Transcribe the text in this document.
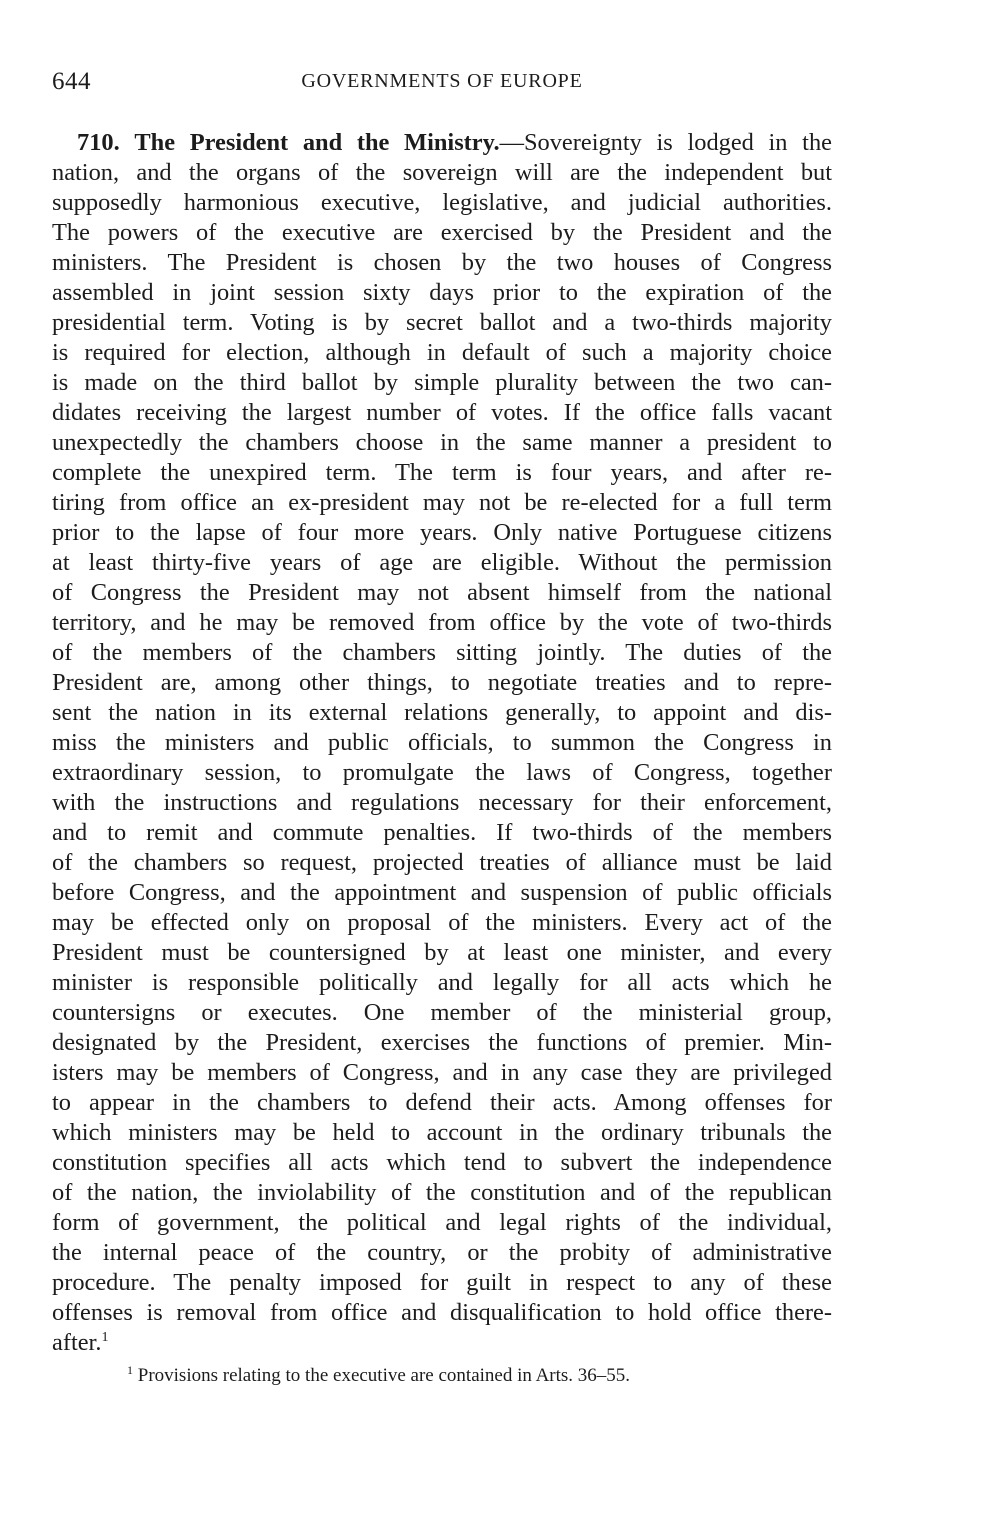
644	GOVERNMENTS OF EUROPE
710. The President and the Ministry.—Sovereignty is lodged in the
nation, and the organs of the sovereign will are the independent but
supposedly harmonious executive, legislative, and judicial authorities.
The powers of the executive are exercised by the President and the
ministers. The President is chosen by the two houses of Congress
assembled in joint session sixty days prior to the expiration of the
presidential term. Voting is by secret ballot and a two-thirds majority
is required for election, although in default of such a majority choice
is made on the third ballot by simple plurality between the two can-
didates receiving the largest number of votes. If the office falls vacant
unexpectedly the chambers choose in the same manner a president to
complete the unexpired term. The term is four years, and after re-
tiring from office an ex-president may not be re-elected for a full term
prior to the lapse of four more years. Only native Portuguese citizens
at least thirty-five years of age are eligible. Without the permission
of Congress the President may not absent himself from the national
territory, and he may be removed from office by the vote of two-thirds
of the members of the chambers sitting jointly. The duties of the
President are, among other things, to negotiate treaties and to repre-
sent the nation in its external relations generally, to appoint and dis-
miss the ministers and public officials, to summon the Congress in
extraordinary session, to promulgate the laws of Congress, together
with the instructions and regulations necessary for their enforcement,
and to remit and commute penalties. If two-thirds of the members
of the chambers so request, projected treaties of alliance must be laid
before Congress, and the appointment and suspension of public officials
may be effected only on proposal of the ministers. Every act of the
President must be countersigned by at least one minister, and every
minister is responsible politically and legally for all acts which he
countersigns or executes. One member of the ministerial group,
designated by the President, exercises the functions of premier. Min-
isters may be members of Congress, and in any case they are privileged
to appear in the chambers to defend their acts. Among offenses for
which ministers may be held to account in the ordinary tribunals the
constitution specifies all acts which tend to subvert the independence
of the nation, the inviolability of the constitution and of the republican
form of government, the political and legal rights of the individual,
the internal peace of the country, or the probity of administrative
procedure. The penalty imposed for guilt in respect to any of these
offenses is removal from office and disqualification to hold office there-
after.$^1$
$^1$ Provisions relating to the executive are contained in Arts. 36–55.
